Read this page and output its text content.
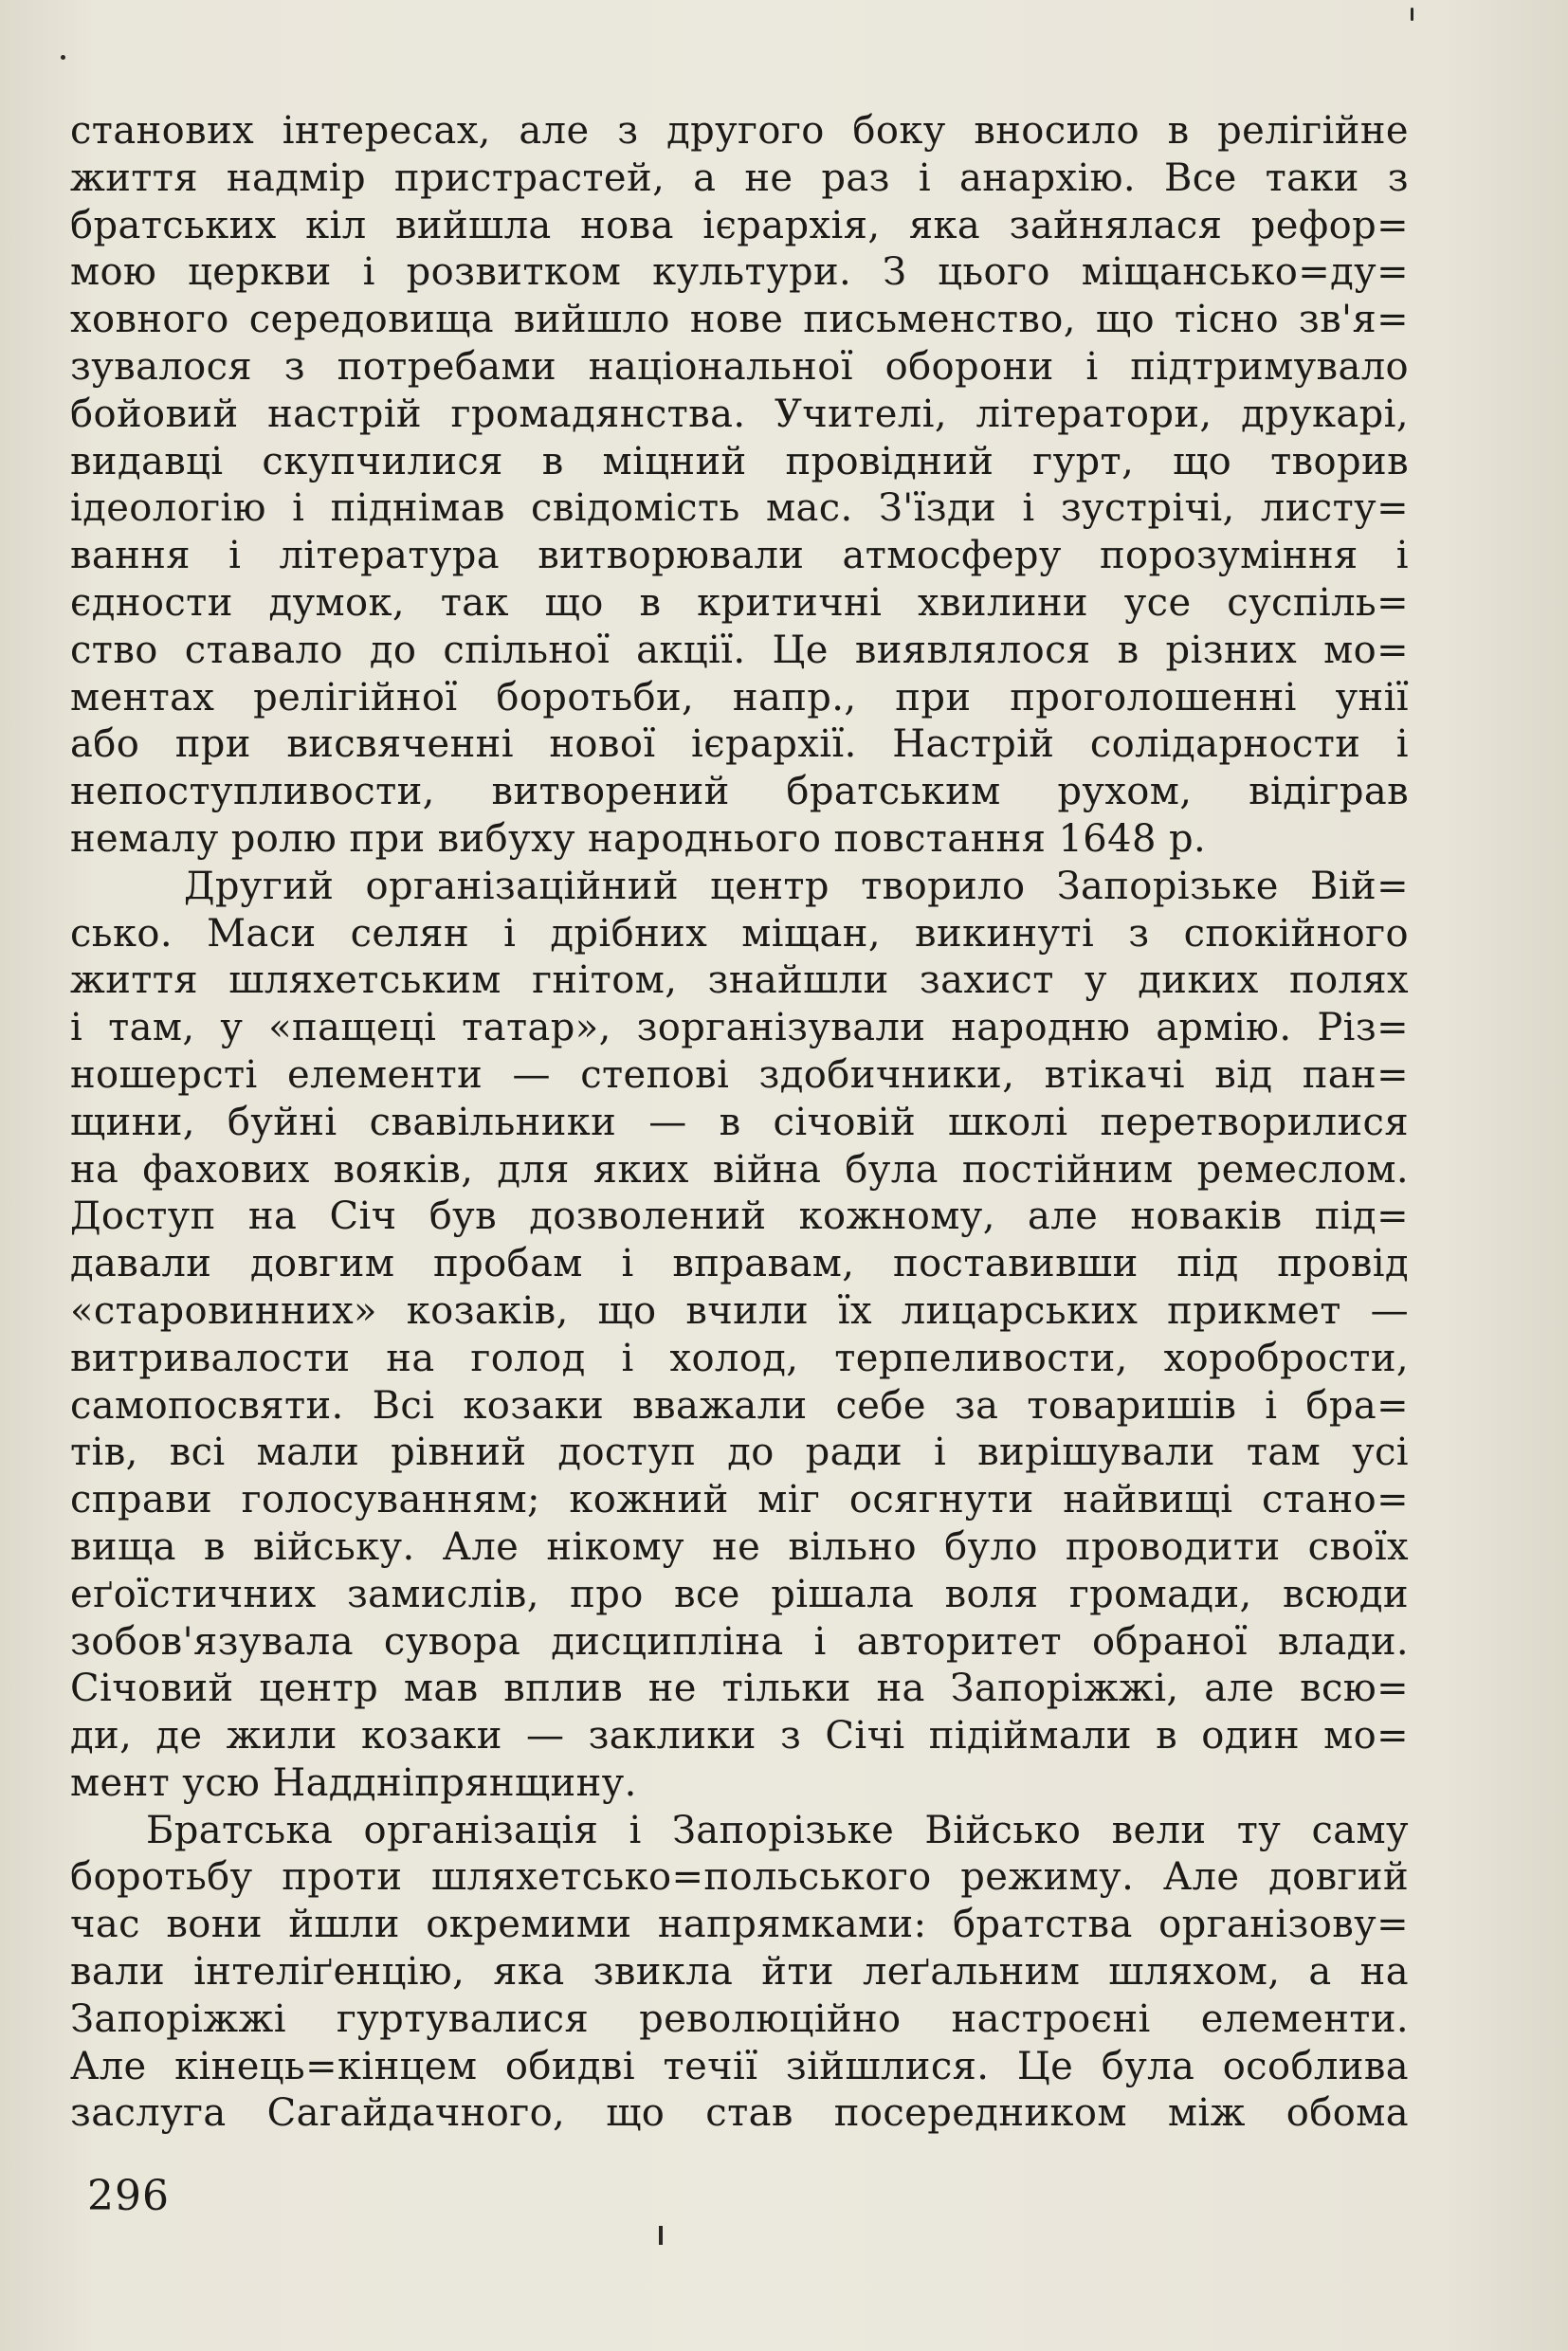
станових інтересах, але з другого боку вносило в релігійне
життя надмір пристрастей, а не раз і анархію. Все таки з
братських кіл вийшла нова ієрархія, яка зайнялася рефор=
мою церкви і розвитком культури. З цього міщансько=ду=
ховного середовища вийшло нове письменство, що тісно зв'я=
зувалося з потребами національної оборони і підтримувало
бойовий настрій громадянства. Учителі, літератори, друкарі,
видавці скупчилися в міцний провідний гурт, що творив
ідеологію і піднімав свідомість мас. З'їзди і зустрічі, листу=
вання і література витворювали атмосферу порозуміння і
єдности думок, так що в критичні хвилини усе суспіль=
ство ставало до спільної акції. Це виявлялося в різних мо=
ментах релігійної боротьби, напр., при проголошенні унії
або при висвяченні нової ієрархії. Настрій солідарности і
непоступливости, витворений братським рухом, відіграв
немалу ролю при вибуху народнього повстання 1648 р.
Другий організаційний центр творило Запорізьке Вій=
сько. Маси селян і дрібних міщан, викинуті з спокійного
життя шляхетським гнітом, знайшли захист у диких полях
і там, у «пащеці татар», зорганізували народню армію. Різ=
ношерсті елементи — степові здобичники, втікачі від пан=
щини, буйні свавільники — в січовій школі перетворилися
на фахових вояків, для яких війна була постійним ремеслом.
Доступ на Січ був дозволений кожному, але новаків під=
давали довгим пробам і вправам, поставивши під провід
«старовинних» козаків, що вчили їх лицарських прикмет —
витривалости на голод і холод, терпеливости, хоробрости,
самопосвяти. Всі козаки вважали себе за товаришів і бра=
тів, всі мали рівний доступ до ради і вирішували там усі
справи голосуванням; кожний міг осягнути найвищі стано=
вища в війську. Але нікому не вільно було проводити своїх
еґоїстичних замислів, про все рішала воля громади, всюди
зобов'язувала сувора дисципліна і авторитет обраної влади.
Січовий центр мав вплив не тільки на Запоріжжі, але всю=
ди, де жили козаки — заклики з Січі підіймали в один мо=
мент усю Наддніпрянщину.
Братська організація і Запорізьке Військо вели ту саму
боротьбу проти шляхетсько=польського режиму. Але довгий
час вони йшли окремими напрямками: братства організову=
вали інтеліґенцію, яка звикла йти леґальним шляхом, а на
Запоріжжі гуртувалися революційно настроєні елементи.
Але кінець=кінцем обидві течії зійшлися. Це була особлива
заслуга Сагайдачного, що став посередником між обома
296
